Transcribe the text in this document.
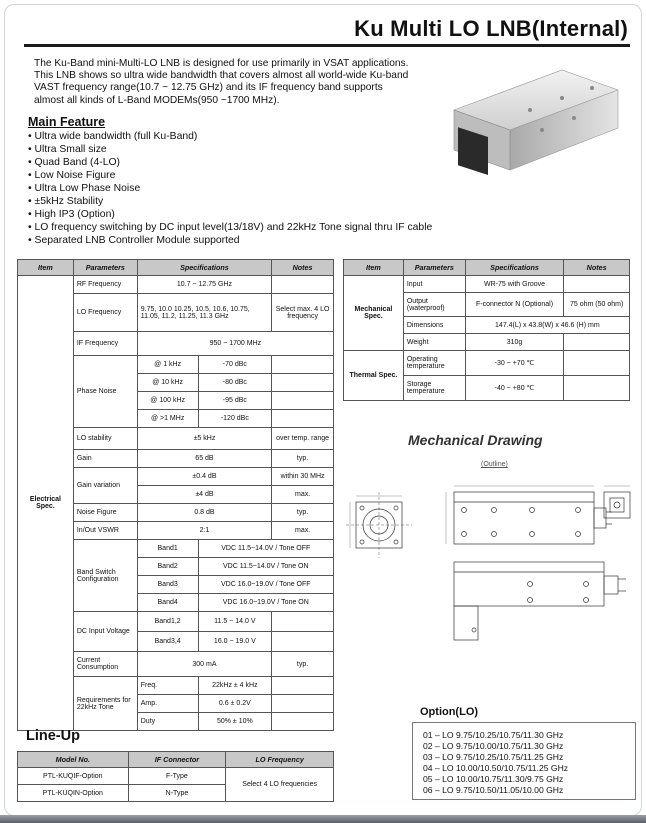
Ku Multi LO LNB(Internal)

The Ku-Band mini-Multi-LO LNB is designed for use primarily in VSAT applications. This LNB shows so ultra wide bandwidth that covers almost all world-wide Ku-band VAST frequency range(10.7 ~ 12.75 GHz) and its IF frequency band supports almost all kinds of L-Band MODEMs(950 ~1700 MHz).

Main Feature
• Ultra wide bandwidth (full Ku-Band)
• Ultra Small size
• Quad Band (4-LO)
• Low Noise Figure
• Ultra Low Phase Noise
• ±5kHz Stability
• High IP3 (Option)
• LO frequency switching by DC input level(13/18V) and 22kHz Tone signal thru IF cable
• Separated LNB Controller Module supported
Item	Parameters	Specifications		Notes
Electrical Spec.	RF Frequency	10.7 ~ 12.75 GHz		
	LO Frequency	9.75, 10.0 10.25, 10.5, 10.6, 10.75, 11.05, 11.2, 11.25, 11.3 GHz		Select max. 4 LO frequency
	IF Frequency	950 ~ 1700 MHz		
	Phase Noise	@ 1 kHz	-70 dBc	
		@ 10 kHz	-80 dBc	
		@ 100 kHz	-95 dBc	
		@ >1 MHz	-120 dBc	
	LO stability	±5 kHz		over temp. range
	Gain	65 dB		typ.
	Gain variation	±0.4 dB		within 30 MHz
		±4 dB		max.
	Noise Figure	0.8 dB		typ.
	In/Out VSWR	2:1		max.
	Band Switch Configuration	Band1	VDC 11.5~14.0V / Tone OFF	
		Band2	VDC 11.5~14.0V / Tone ON	
		Band3	VDC 16.0~19.0V / Tone OFF	
		Band4	VDC 16.0~19.0V / Tone ON	
	DC Input Voltage	Band1,2	11.5 ~ 14.0 V	
		Band3,4	16.0 ~ 19.0 V	
	Current Consumption	300 mA		typ.
	Requirements for 22kHz Tone	Freq.	22kHz ± 4 kHz	
		Amp.	0.6 ± 0.2V	
		Duty	50% ± 10%	
Item	Parameters	Specifications	Notes
Mechanical Spec.	Input	WR-75 with Groove	
	Output (waterproof)	F-connector N (Optional)	75 ohm (50 ohm)
	Dimensions	147.4(L) x 43.8(W) x 46.6 (H) mm	
	Weight	310g	
Thermal Spec.	Operating temperature	-30 ~ +70 ℃	
	Storage temperature	-40 ~ +80 ℃	
Mechanical Drawing
(Outline)
Line-Up
Model No.	IF Connector	LO Frequency
PTL-KUQIF-Option	F-Type	Select 4 LO frequencies
PTL-KUQIN-Option	N-Type	
Option(LO)
01 – LO 9.75/10.25/10.75/11.30 GHz
02 – LO 9.75/10.00/10.75/11.30 GHz
03 – LO 9.75/10.25/10.75/11.25 GHz
04 – LO 10.00/10.50/10.75/11.25 GHz
05 – LO 10.00/10.75/11.30/9.75 GHz
06 – LO 9.75/10.50/11.05/10.00 GHz
